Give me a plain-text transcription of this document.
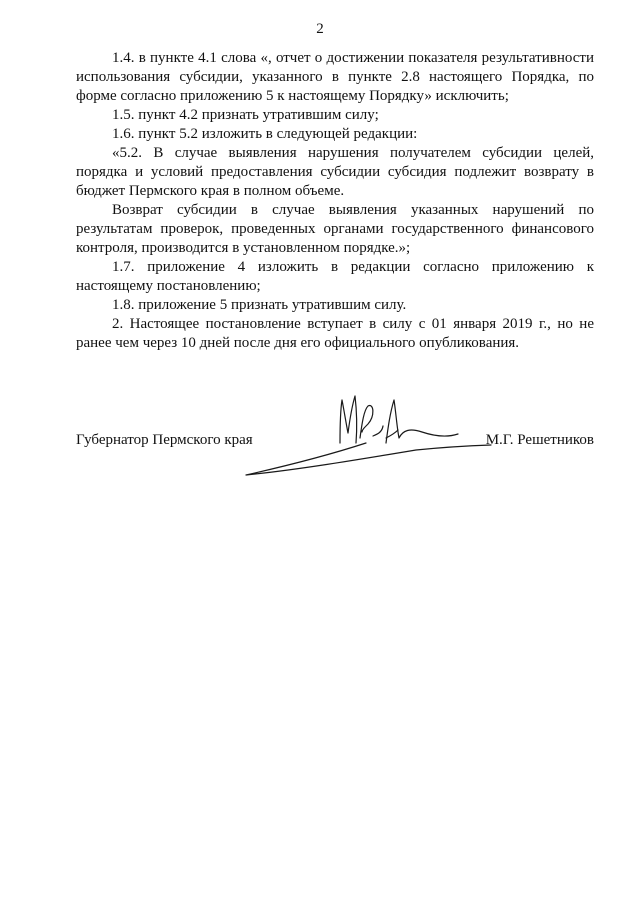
2

1.4. в пункте 4.1 слова «, отчет о достижении показателя результативности использования субсидии, указанного в пункте 2.8 настоящего Порядка, по форме согласно приложению 5 к настоящему Порядку» исключить;

1.5. пункт 4.2 признать утратившим силу;

1.6. пункт 5.2 изложить в следующей редакции:

«5.2. В случае выявления нарушения получателем субсидии целей, порядка и условий предоставления субсидии субсидия подлежит возврату в бюджет Пермского края в полном объеме.

Возврат субсидии в случае выявления указанных нарушений по результатам проверок, проведенных органами государственного финансового контроля, производится в установленном порядке.»;

1.7. приложение 4 изложить в редакции согласно приложению к настоящему постановлению;

1.8. приложение 5 признать утратившим силу.

2. Настоящее постановление вступает в силу с 01 января 2019 г., но не ранее чем через 10 дней после дня его официального опубликования.

Губернатор Пермского края	М.Г. Решетников
